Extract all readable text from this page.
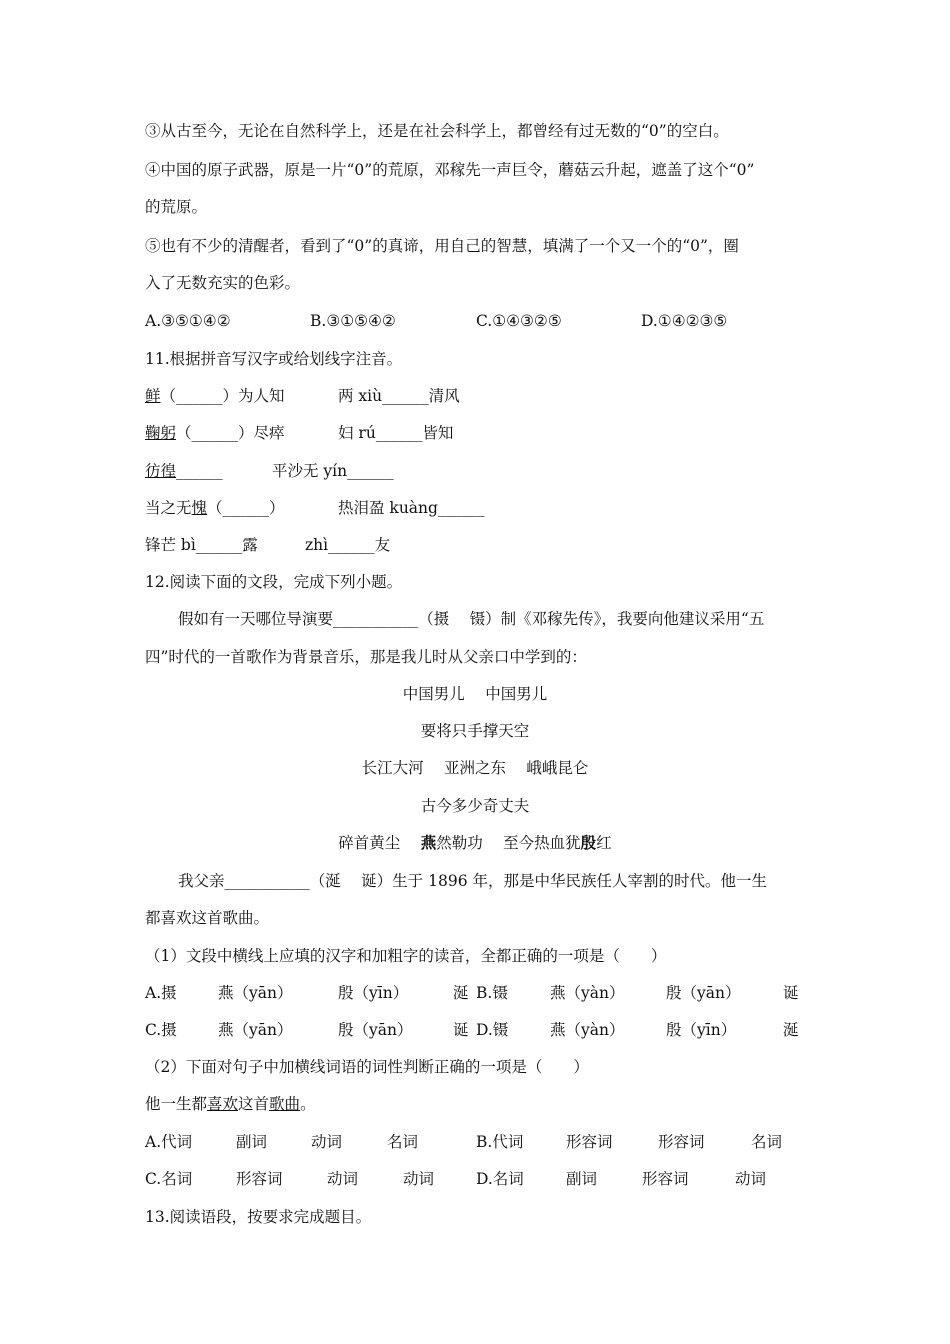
③从古至今，无论在自然科学上，还是在社会科学上，都曾经有过无数的“0”的空白。
④中国的原子武器，原是一片“0”的荒原，邓稼先一声巨令，蘑菇云升起，遮盖了这个“0”
的荒原。
⑤也有不少的清醒者，看到了“0”的真谛，用自己的智慧，填满了一个又一个的“0”，圈
入了无数充实的色彩。
A.③⑤①④②	B.③①⑤④②	C.①④③②⑤	D.①④②③⑤
11.根据拼音写汉字或给划线字注音。
鲜（______）为人知	两 xiù______清风
鞠躬（______）尽瘁	妇 rú______皆知
彷徨______	平沙无 yín______
当之无愧（______）	热泪盈 kuàng______
锋芒 bì______露	zhì______友
12.阅读下面的文段，完成下列小题。
假如有一天哪位导演要___________（摄　 镊）制《邓稼先传》，我要向他建议采用“五
四”时代的一首歌作为背景音乐，那是我儿时从父亲口中学到的：
中国男儿　 中国男儿
要将只手撑天空
长江大河　 亚洲之东　 峨峨昆仑
古今多少奇丈夫
碎首黄尘　 燕然勒功　 至今热血犹殷红
我父亲___________（涎　 诞）生于 1896 年，那是中华民族任人宰割的时代。他一生
都喜欢这首歌曲。
（1）文段中横线上应填的汉字和加粗字的读音，全都正确的一项是（　　）
A.摄	燕（yān）	殷（yīn）	涎 B.镊	燕（yàn）	殷（yān）	诞
C.摄	燕（yān）	殷（yān）	诞 D.镊	燕（yàn）	殷（yīn）	涎
（2）下面对句子中加横线词语的词性判断正确的一项是（　　）
他一生都喜欢这首歌曲。
A.代词	副词	动词	名词	B.代词	形容词	形容词	名词
C.名词	形容词	动词	动词	D.名词	副词	形容词	动词
13.阅读语段，按要求完成题目。
